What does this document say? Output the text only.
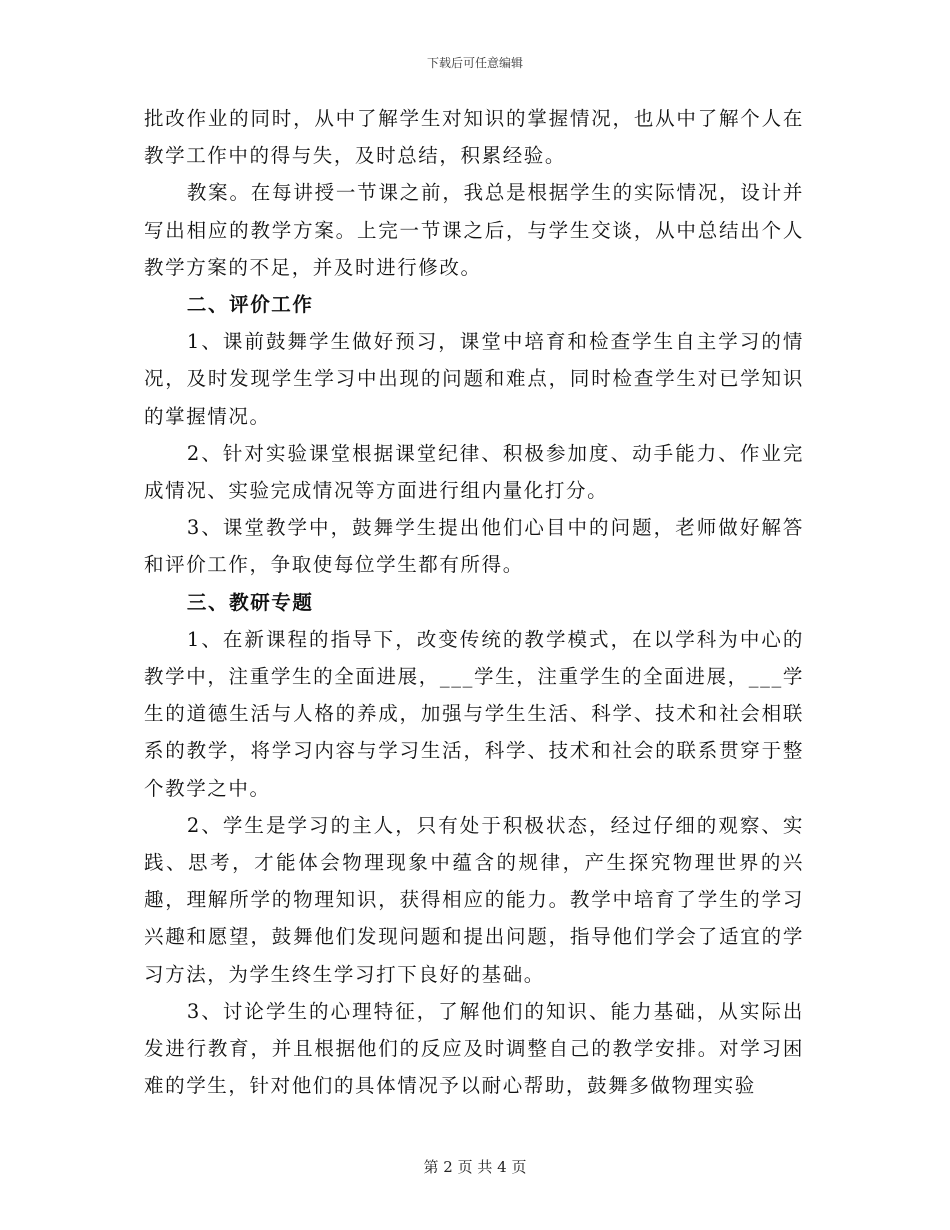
下载后可任意编辑

批改作业的同时，从中了解学生对知识的掌握情况，也从中了解个人在教学工作中的得与失，及时总结，积累经验。

教案。在每讲授一节课之前，我总是根据学生的实际情况，设计并写出相应的教学方案。上完一节课之后，与学生交谈，从中总结出个人教学方案的不足，并及时进行修改。

二、评价工作

1、课前鼓舞学生做好预习，课堂中培育和检查学生自主学习的情况，及时发现学生学习中出现的问题和难点，同时检查学生对已学知识的掌握情况。

2、针对实验课堂根据课堂纪律、积极参加度、动手能力、作业完成情况、实验完成情况等方面进行组内量化打分。

3、课堂教学中，鼓舞学生提出他们心目中的问题，老师做好解答和评价工作，争取使每位学生都有所得。

三、教研专题

1、在新课程的指导下，改变传统的教学模式，在以学科为中心的教学中，注重学生的全面进展，___学生，注重学生的全面进展，___学生的道德生活与人格的养成，加强与学生生活、科学、技术和社会相联系的教学，将学习内容与学习生活，科学、技术和社会的联系贯穿于整个教学之中。

2、学生是学习的主人，只有处于积极状态，经过仔细的观察、实践、思考，才能体会物理现象中蕴含的规律，产生探究物理世界的兴趣，理解所学的物理知识，获得相应的能力。教学中培育了学生的学习兴趣和愿望，鼓舞他们发现问题和提出问题，指导他们学会了适宜的学习方法，为学生终生学习打下良好的基础。

3、讨论学生的心理特征，了解他们的知识、能力基础，从实际出发进行教育，并且根据他们的反应及时调整自己的教学安排。对学习困难的学生，针对他们的具体情况予以耐心帮助，鼓舞多做物理实验

第 2 页 共 4 页
